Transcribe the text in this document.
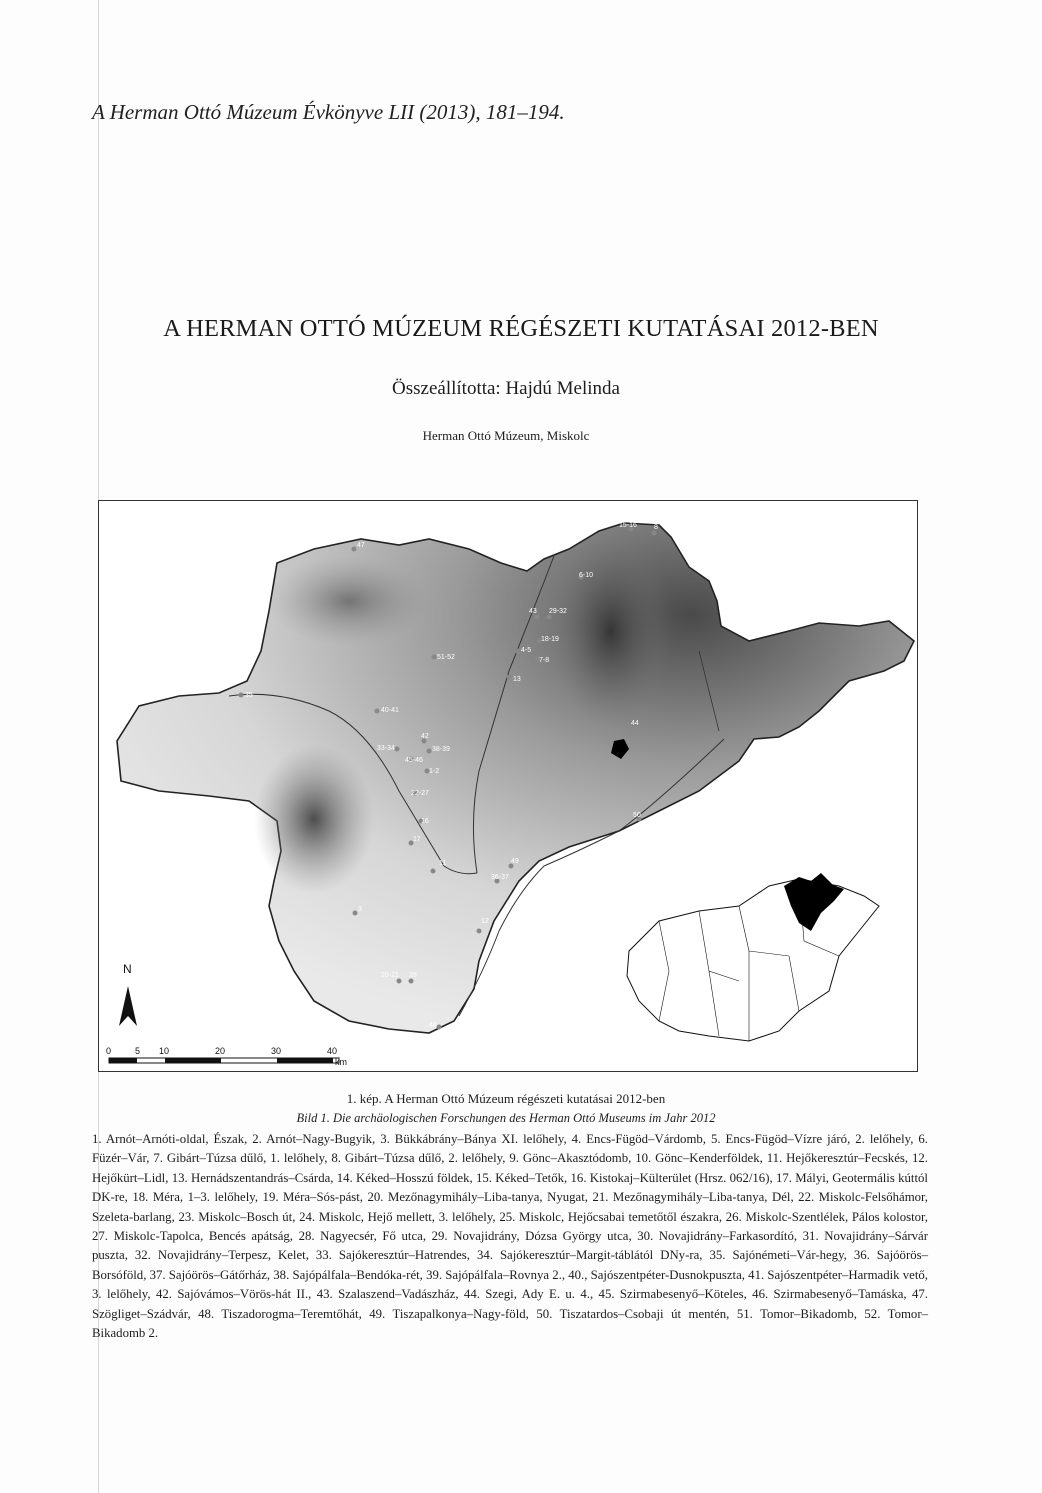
A Herman Ottó Múzeum Évkönyve LII (2013), 181–194.
A HERMAN OTTÓ MÚZEUM RÉGÉSZETI KUTATÁSAI 2012-BEN
Összeállította: Hajdú Melinda
Herman Ottó Múzeum, Miskolc
15-16 8
6-10
47
43 29-32
18-19
4-5
7-8
51-52
13
35
40-41
44
42
33-34	38-39
45-46
1-2
22-27
50
16
17
11
36-37
3
12
20-21 28
48
49
N
0	5 10	20	30	40
km
1. kép. A Herman Ottó Múzeum régészeti kutatásai 2012-ben
Bild 1. Die archäologischen Forschungen des Herman Ottó Museums im Jahr 2012
1. Arnót–Arnóti-oldal, Észak, 2. Arnót–Nagy-Bugyik, 3. Bükkábrány–Bánya XI. lelőhely, 4. Encs-Fügöd–Várdomb, 5. Encs-Fügöd–Vízre járó, 2. lelőhely, 6. Füzér–Vár, 7. Gibárt–Túzsa dűlő, 1. lelőhely, 8. Gibárt–Túzsa dűlő, 2. lelőhely, 9. Gönc–Akasztódomb, 10. Gönc–Kenderföldek, 11. Hejőkeresztúr–Fecskés, 12. Hejőkürt–Lidl, 13. Hernádszentandrás–Csárda, 14. Kéked–Hosszú földek, 15. Kéked–Tetők, 16. Kistokaj–Külterület (Hrsz. 062/16), 17. Mályi, Geotermális kúttól DK-re, 18. Méra, 1–3. lelőhely, 19. Méra–Sós-pást, 20. Mezőnagymihály–Liba-tanya, Nyugat, 21. Mezőnagymihály–Liba-tanya, Dél, 22. Miskolc-Felsőhámor, Szeleta-barlang, 23. Miskolc–Bosch út, 24. Miskolc, Hejő mellett, 3. lelőhely, 25. Miskolc, Hejőcsabai temetőtől északra, 26. Miskolc-Szentlélek, Pálos kolostor, 27. Miskolc-Tapolca, Bencés apátság, 28. Nagyecsér, Fő utca, 29. Novajidrány, Dózsa György utca, 30. Novajidrány–Farkasordító, 31. Novajidrány–Sárvár puszta, 32. Novajidrány–Terpesz, Kelet, 33. Sajókeresztúr–Hatrendes, 34. Sajókeresztúr–Margit-táblától DNy-ra, 35. Sajónémeti–Vár-hegy, 36. Sajóörös–Borsóföld, 37. Sajóörös–Gátőrház, 38. Sajópálfala–Bendóka-rét, 39. Sajópálfala–Rovnya 2., 40., Sajószentpéter-Dusnokpuszta, 41. Sajószentpéter–Harmadik vető, 3. lelőhely, 42. Sajóvámos–Vörös-hát II., 43. Szalaszend–Vadászház, 44. Szegi, Ady E. u. 4., 45. Szirmabesenyő–Köteles, 46. Szirmabesenyő–Tamáska, 47. Szögliget–Szádvár, 48. Tiszadorogma–Teremtőhát, 49. Tiszapalkonya–Nagy-föld, 50. Tiszatardos–Csobaji út mentén, 51. Tomor–Bikadomb, 52. Tomor–Bikadomb 2.
